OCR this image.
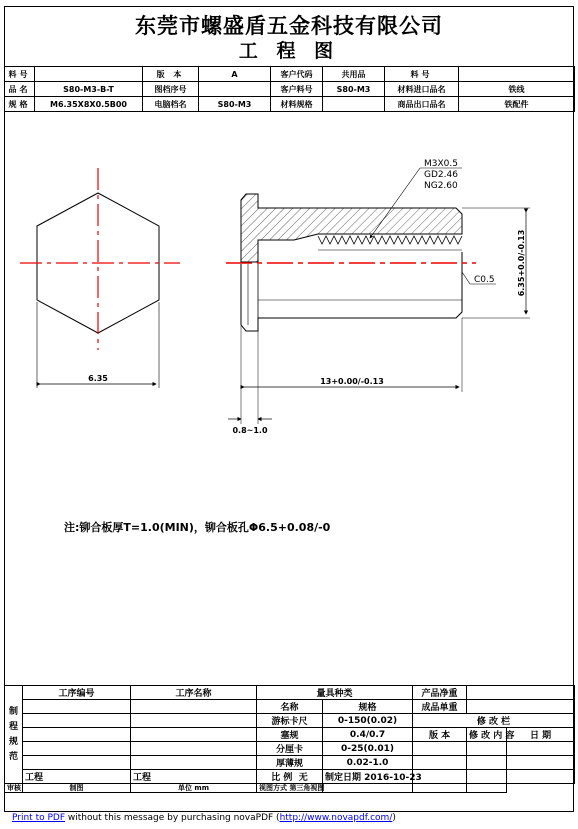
东莞市螺盛盾五金科技有限公司
工 程 图
料号		版 本	A	客户代码	共用品	料号	
品名	S80-M3-B-T	图档序号		客户料号	S80-M3	材料进口品名	铁线
规格	M6.35X8X0.5B00	电脑档名	S80-M3	材料规格		商品出口品名	铁配件
6.35
M3X0.5
GD2.46
NG2.60
C0.5	6.35+0.0/-0.13
13+0.00/-0.13
0.8~1.0
注:铆合板厚T=1.0(MIN)，铆合板孔Φ6.5+0.08/-0
制
程
规
范	工序编号	工序名称	量具种类		产品净重		
			名称	规格	成品单重		
			游标卡尺	0-150(0.02)	修 改 栏		
			塞规	0.4/0.7	版 本	修 改 内 容	日 期
			分厘卡	0-25(0.01)			
			厚薄规	0.02-1.0			
	工程	工程	比 例 无	制定日期 2016-10-23			
审核	制图	单位 mm	视图方式 第三角视图				
Print to PDF without this message by purchasing novaPDF (http://www.novapdf.com/)
